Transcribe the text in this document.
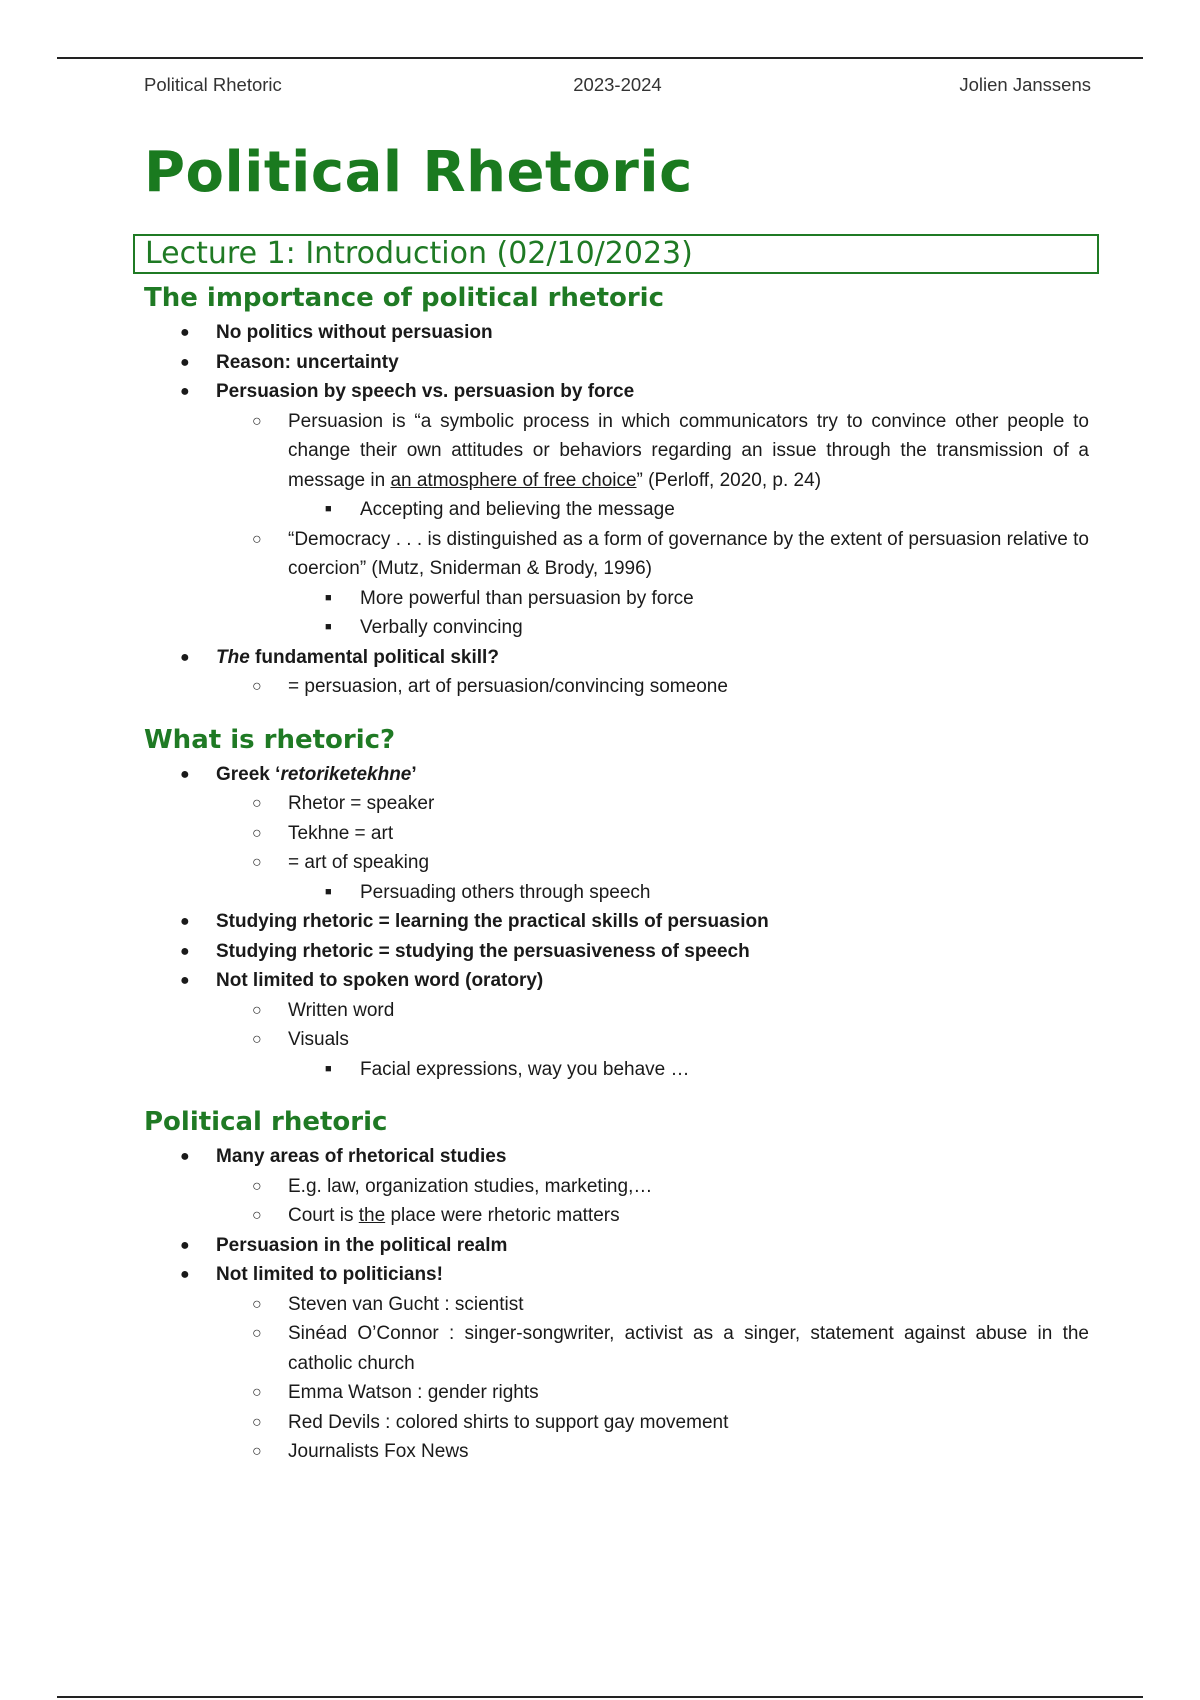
Political Rhetoric	2023-2024	Jolien Janssens
Political Rhetoric
Lecture 1: Introduction (02/10/2023)
The importance of political rhetoric
● No politics without persuasion
● Reason: uncertainty
● Persuasion by speech vs. persuasion by force
○ Persuasion is “a symbolic process in which communicators try to convince other people to change their own attitudes or behaviors regarding an issue through the transmission of a message in an atmosphere of free choice” (Perloff, 2020, p. 24)
■ Accepting and believing the message
○ “Democracy . . . is distinguished as a form of governance by the extent of persuasion relative to coercion” (Mutz, Sniderman & Brody, 1996)
■ More powerful than persuasion by force
■ Verbally convincing
● The fundamental political skill?
○ = persuasion, art of persuasion/convincing someone
What is rhetoric?
● Greek ‘retoriketekhne’
○ Rhetor = speaker
○ Tekhne = art
○ = art of speaking
■ Persuading others through speech
● Studying rhetoric = learning the practical skills of persuasion
● Studying rhetoric = studying the persuasiveness of speech
● Not limited to spoken word (oratory)
○ Written word
○ Visuals
■ Facial expressions, way you behave …
Political rhetoric
● Many areas of rhetorical studies
○ E.g. law, organization studies, marketing,…
○ Court is the place were rhetoric matters
● Persuasion in the political realm
● Not limited to politicians!
○ Steven van Gucht : scientist
○ Sinéad O’Connor : singer-songwriter, activist as a singer, statement against abuse in the catholic church
○ Emma Watson : gender rights
○ Red Devils : colored shirts to support gay movement
○ Journalists Fox News
